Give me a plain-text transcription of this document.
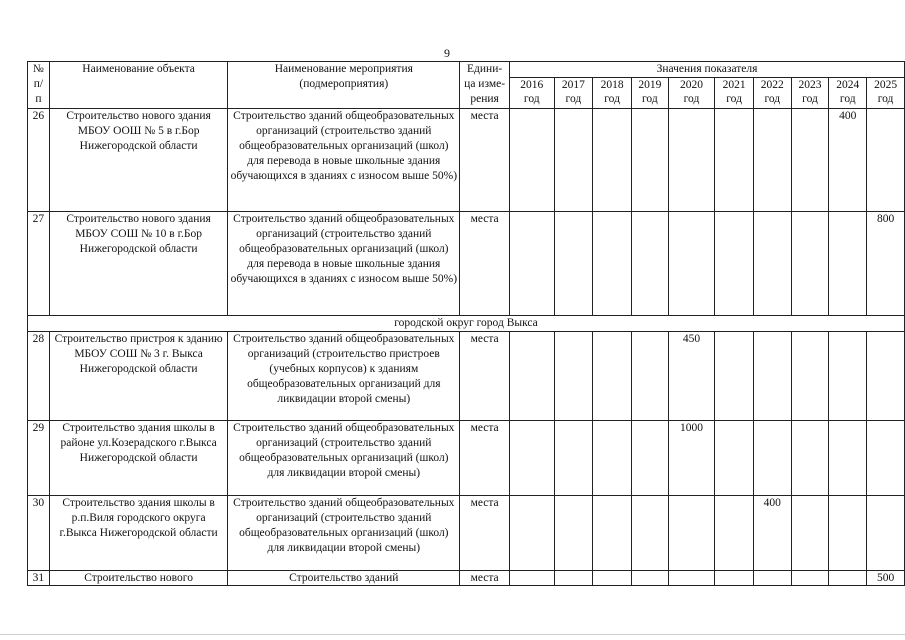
9
№ п/ п	Наименование объекта	Наименование мероприятия (подмероприятия)	Едини- ца изме- рения	Значения показателя									
				2016 год	2017 год	2018 год	2019 год	2020 год	2021 год	2022 год	2023 год	2024 год	2025 год
26	Строительство нового здания МБОУ ООШ № 5 в г.Бор Нижегородской области	Строительство зданий общеобразовательных организаций (строительство зданий общеобразовательных организаций (школ) для перевода в новые школьные здания обучающихся в зданиях с износом выше 50%)	места									400	
27	Строительство нового здания МБОУ СОШ № 10 в г.Бор Нижегородской области	Строительство зданий общеобразовательных организаций (строительство зданий общеобразовательных организаций (школ) для перевода в новые школьные здания обучающихся в зданиях с износом выше 50%)	места										800
городской округ город Выкса													
28	Строительство пристроя к зданию МБОУ СОШ № 3 г. Выкса Нижегородской области	Строительство зданий общеобразовательных организаций (строительство пристроев (учебных корпусов) к зданиям общеобразовательных организаций для ликвидации второй смены)	места					450					
29	Строительство здания школы в районе ул.Козерадского г.Выкса Нижегородской области	Строительство зданий общеобразовательных организаций (строительство зданий общеобразовательных организаций (школ) для ликвидации второй смены)	места					1000					
30	Строительство здания школы в р.п.Виля городского округа г.Выкса Нижегородской области	Строительство зданий общеобразовательных организаций (строительство зданий общеобразовательных организаций (школ) для ликвидации второй смены)	места							400			
31	Строительство нового	Строительство зданий	места										500
